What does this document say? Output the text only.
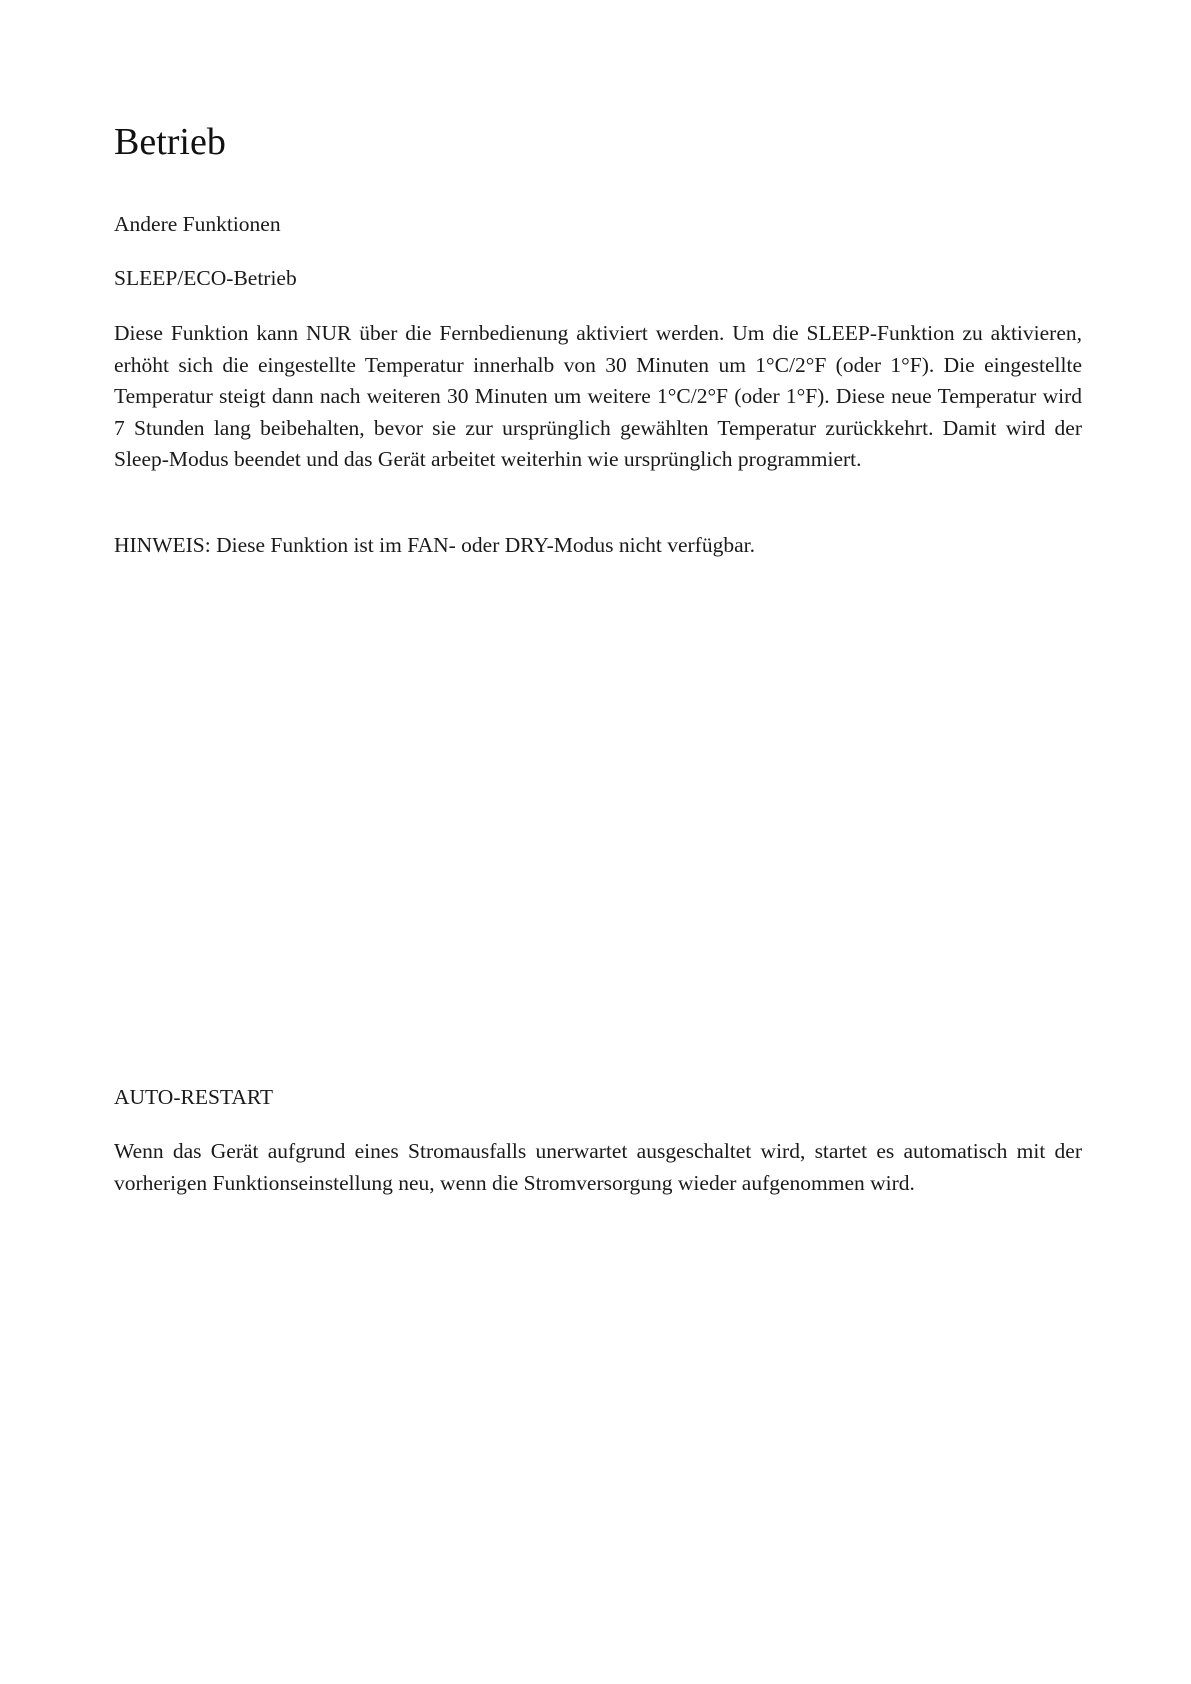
Betrieb

Andere Funktionen

SLEEP/ECO-Betrieb

Diese Funktion kann NUR über die Fernbedienung aktiviert werden. Um die SLEEP-Funktion zu aktivieren, erhöht sich die eingestellte Temperatur innerhalb von 30 Minuten um 1°C/2°F (oder 1°F). Die eingestellte Temperatur steigt dann nach weiteren 30 Minuten um weitere 1°C/2°F (oder 1°F). Diese neue Temperatur wird 7 Stunden lang beibehalten, bevor sie zur ursprünglich gewählten Temperatur zurückkehrt. Damit wird der Sleep-Modus beendet und das Gerät arbeitet weiterhin wie ursprünglich programmiert.

HINWEIS: Diese Funktion ist im FAN- oder DRY-Modus nicht verfügbar.

AUTO-RESTART

Wenn das Gerät aufgrund eines Stromausfalls unerwartet ausgeschaltet wird, startet es automatisch mit der vorherigen Funktionseinstellung neu, wenn die Stromversorgung wieder aufgenommen wird.
